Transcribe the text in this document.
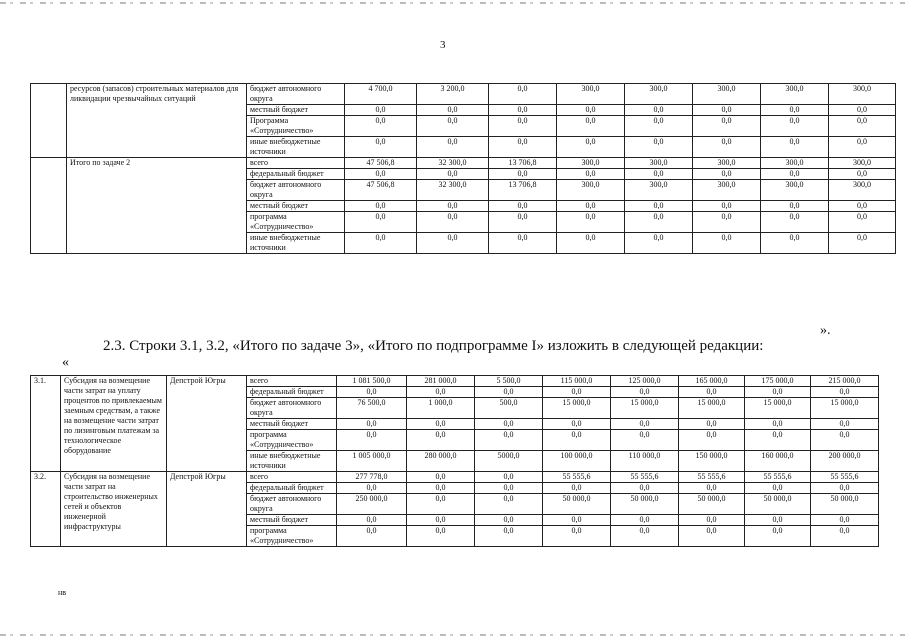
3
	ресурсов (запасов) строительных материалов для ликвидации чрезвычайных ситуаций	бюджет автономного округа	4 700,0	3 200,0	0,0	300,0	300,0	300,0	300,0	300,0
		местный бюджет	0,0	0,0	0,0	0,0	0,0	0,0	0,0	0,0
		Программа «Сотрудничество»	0,0	0,0	0,0	0,0	0,0	0,0	0,0	0,0
		иные внебюджетные источники	0,0	0,0	0,0	0,0	0,0	0,0	0,0	0,0
	Итого по задаче 2	всего	47 506,8	32 300,0	13 706,8	300,0	300,0	300,0	300,0	300,0
		федеральный бюджет	0,0	0,0	0,0	0,0	0,0	0,0	0,0	0,0
		бюджет автономного округа	47 506,8	32 300,0	13 706,8	300,0	300,0	300,0	300,0	300,0
		местный бюджет	0,0	0,0	0,0	0,0	0,0	0,0	0,0	0,0
		программа «Сотрудничество»	0,0	0,0	0,0	0,0	0,0	0,0	0,0	0,0
		иные внебюджетные источники	0,0	0,0	0,0	0,0	0,0	0,0	0,0	0,0
».
2.3. Строки 3.1, 3.2, «Итого по задаче 3», «Итого по подпрограмме I» изложить в следующей редакции:
«
3.1.	Субсидия на возмещение части затрат на уплату процентов по привлекаемым заемным средствам, а также на возмещение части затрат по лизинговым платежам за технологическое оборудование	Депстрой Югры	всего	1 081 500,0	281 000,0	5 500,0	115 000,0	125 000,0	165 000,0	175 000,0	215 000,0
			федеральный бюджет	0,0	0,0	0,0	0,0	0,0	0,0	0,0	0,0
			бюджет автономного округа	76 500,0	1 000,0	500,0	15 000,0	15 000,0	15 000,0	15 000,0	15 000,0
			местный бюджет	0,0	0,0	0,0	0,0	0,0	0,0	0,0	0,0
			программа «Сотрудничество»	0,0	0,0	0,0	0,0	0,0	0,0	0,0	0,0
			иные внебюджетные источники	1 005 000,0	280 000,0	5000,0	100 000,0	110 000,0	150 000,0	160 000,0	200 000,0
3.2.	Субсидия на возмещение части затрат на строительство инженерных сетей и объектов инженерной инфраструктуры	Депстрой Югры	всего	277 778,0	0,0	0,0	55 555,6	55 555,6	55 555,6	55 555,6	55 555,6
			федеральный бюджет	0,0	0,0	0,0	0,0	0,0	0,0	0,0	0,0
			бюджет автономного округа	250 000,0	0,0	0,0	50 000,0	50 000,0	50 000,0	50 000,0	50 000,0
			местный бюджет	0,0	0,0	0,0	0,0	0,0	0,0	0,0	0,0
			программа «Сотрудничество»	0,0	0,0	0,0	0,0	0,0	0,0	0,0	0,0
нв
